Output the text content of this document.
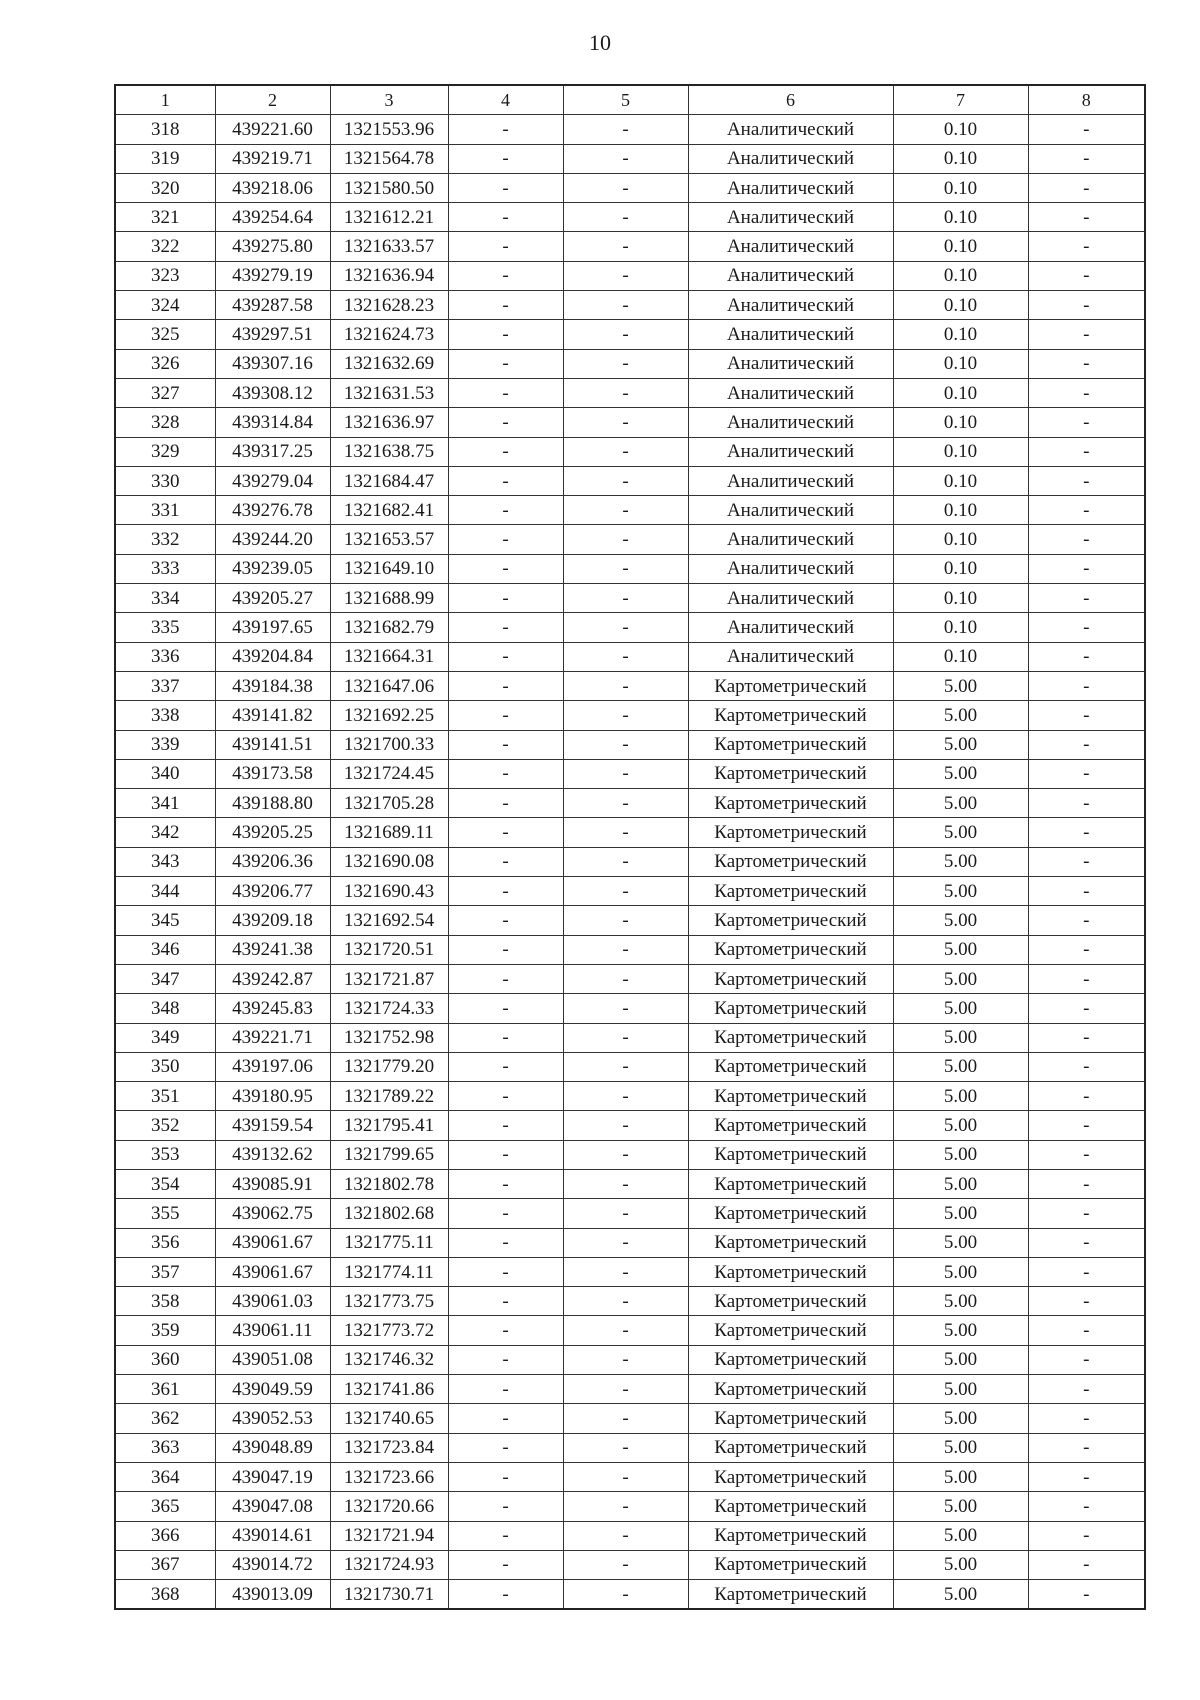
10
1	2	3	4	5	6	7	8
318	439221.60	1321553.96	-	-	Аналитический	0.10	-
319	439219.71	1321564.78	-	-	Аналитический	0.10	-
320	439218.06	1321580.50	-	-	Аналитический	0.10	-
321	439254.64	1321612.21	-	-	Аналитический	0.10	-
322	439275.80	1321633.57	-	-	Аналитический	0.10	-
323	439279.19	1321636.94	-	-	Аналитический	0.10	-
324	439287.58	1321628.23	-	-	Аналитический	0.10	-
325	439297.51	1321624.73	-	-	Аналитический	0.10	-
326	439307.16	1321632.69	-	-	Аналитический	0.10	-
327	439308.12	1321631.53	-	-	Аналитический	0.10	-
328	439314.84	1321636.97	-	-	Аналитический	0.10	-
329	439317.25	1321638.75	-	-	Аналитический	0.10	-
330	439279.04	1321684.47	-	-	Аналитический	0.10	-
331	439276.78	1321682.41	-	-	Аналитический	0.10	-
332	439244.20	1321653.57	-	-	Аналитический	0.10	-
333	439239.05	1321649.10	-	-	Аналитический	0.10	-
334	439205.27	1321688.99	-	-	Аналитический	0.10	-
335	439197.65	1321682.79	-	-	Аналитический	0.10	-
336	439204.84	1321664.31	-	-	Аналитический	0.10	-
337	439184.38	1321647.06	-	-	Картометрический	5.00	-
338	439141.82	1321692.25	-	-	Картометрический	5.00	-
339	439141.51	1321700.33	-	-	Картометрический	5.00	-
340	439173.58	1321724.45	-	-	Картометрический	5.00	-
341	439188.80	1321705.28	-	-	Картометрический	5.00	-
342	439205.25	1321689.11	-	-	Картометрический	5.00	-
343	439206.36	1321690.08	-	-	Картометрический	5.00	-
344	439206.77	1321690.43	-	-	Картометрический	5.00	-
345	439209.18	1321692.54	-	-	Картометрический	5.00	-
346	439241.38	1321720.51	-	-	Картометрический	5.00	-
347	439242.87	1321721.87	-	-	Картометрический	5.00	-
348	439245.83	1321724.33	-	-	Картометрический	5.00	-
349	439221.71	1321752.98	-	-	Картометрический	5.00	-
350	439197.06	1321779.20	-	-	Картометрический	5.00	-
351	439180.95	1321789.22	-	-	Картометрический	5.00	-
352	439159.54	1321795.41	-	-	Картометрический	5.00	-
353	439132.62	1321799.65	-	-	Картометрический	5.00	-
354	439085.91	1321802.78	-	-	Картометрический	5.00	-
355	439062.75	1321802.68	-	-	Картометрический	5.00	-
356	439061.67	1321775.11	-	-	Картометрический	5.00	-
357	439061.67	1321774.11	-	-	Картометрический	5.00	-
358	439061.03	1321773.75	-	-	Картометрический	5.00	-
359	439061.11	1321773.72	-	-	Картометрический	5.00	-
360	439051.08	1321746.32	-	-	Картометрический	5.00	-
361	439049.59	1321741.86	-	-	Картометрический	5.00	-
362	439052.53	1321740.65	-	-	Картометрический	5.00	-
363	439048.89	1321723.84	-	-	Картометрический	5.00	-
364	439047.19	1321723.66	-	-	Картометрический	5.00	-
365	439047.08	1321720.66	-	-	Картометрический	5.00	-
366	439014.61	1321721.94	-	-	Картометрический	5.00	-
367	439014.72	1321724.93	-	-	Картометрический	5.00	-
368	439013.09	1321730.71	-	-	Картометрический	5.00	-
